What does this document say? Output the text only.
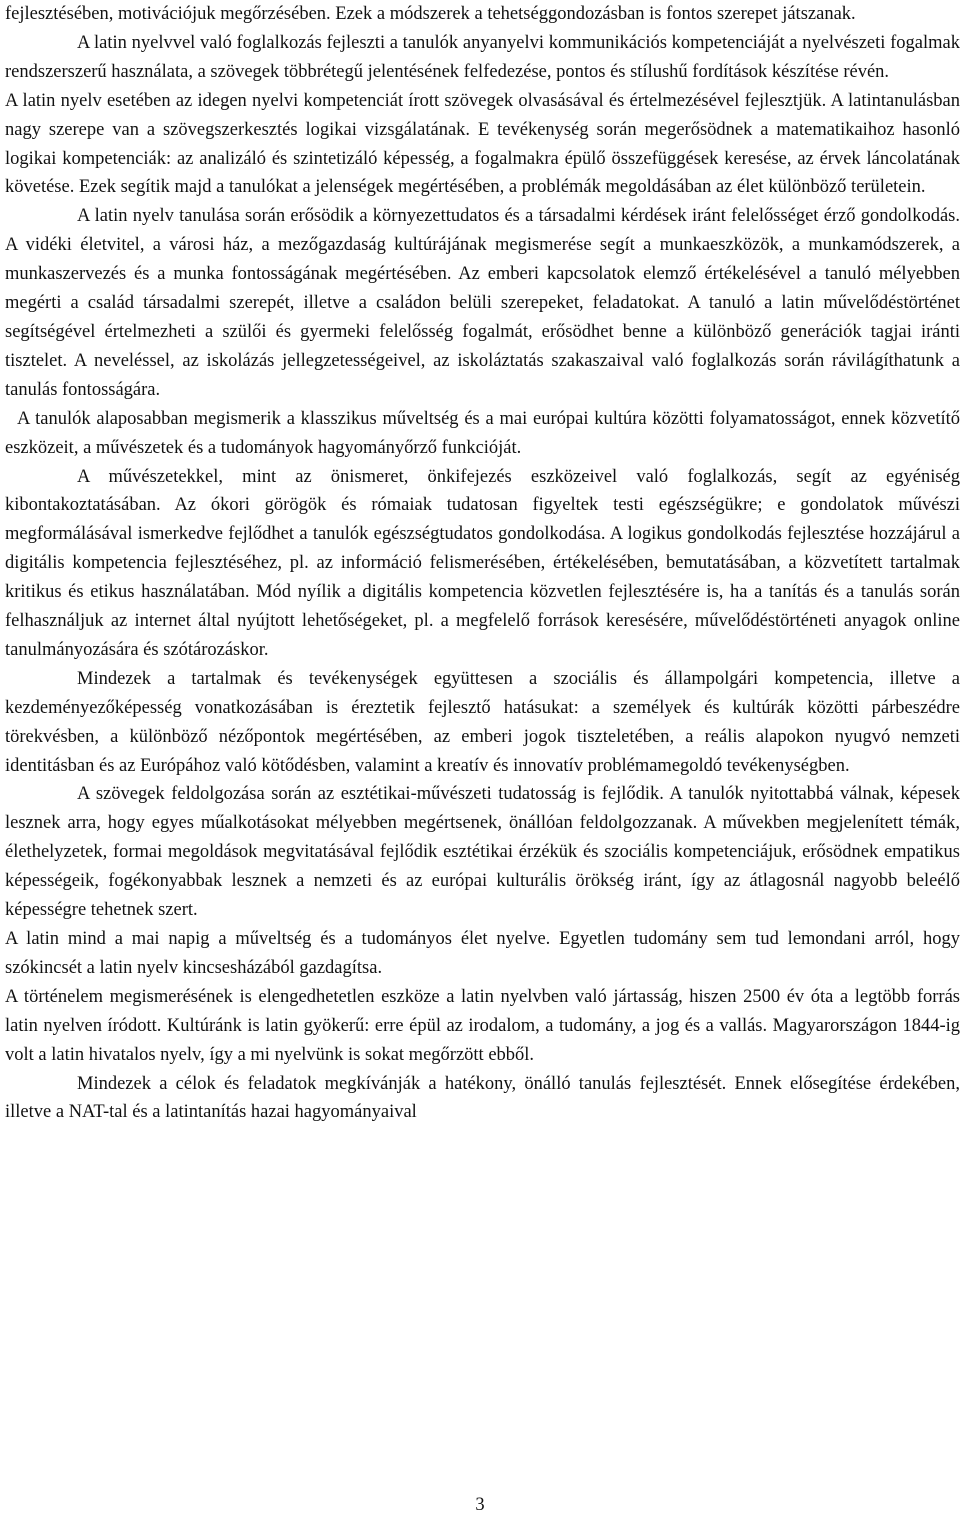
fejlesztésében, motivációjuk megőrzésében. Ezek a módszerek a tehetséggondozásban is fontos szerepet játszanak.

A latin nyelvvel való foglalkozás fejleszti a tanulók anyanyelvi kommunikációs kompetenciáját a nyelvészeti fogalmak rendszerszerű használata, a szövegek többrétegű jelentésének felfedezése, pontos és stílushű fordítások készítése révén.

A latin nyelv esetében az idegen nyelvi kompetenciát írott szövegek olvasásával és értelmezésével fejlesztjük. A latintanulásban nagy szerepe van a szövegszerkesztés logikai vizsgálatának. E tevékenység során megerősödnek a matematikaihoz hasonló logikai kompetenciák: az analizáló és szintetizáló képesség, a fogalmakra épülő összefüggések keresése, az érvek láncolatának követése. Ezek segítik majd a tanulókat a jelenségek megértésében, a problémák megoldásában az élet különböző területein.

A latin nyelv tanulása során erősödik a környezettudatos és a társadalmi kérdések iránt felelősséget érző gondolkodás. A vidéki életvitel, a városi ház, a mezőgazdaság kultúrájának megismerése segít a munkaeszközök, a munkamódszerek, a munkaszervezés és a munka fontosságának megértésében. Az emberi kapcsolatok elemző értékelésével a tanuló mélyebben megérti a család társadalmi szerepét, illetve a családon belüli szerepeket, feladatokat. A tanuló a latin művelődéstörténet segítségével értelmezheti a szülői és gyermeki felelősség fogalmát, erősödhet benne a különböző generációk tagjai iránti tisztelet. A neveléssel, az iskolázás jellegzetességeivel, az iskoláztatás szakaszaival való foglalkozás során rávilágíthatunk a tanulás fontosságára.

A tanulók alaposabban megismerik a klasszikus műveltség és a mai európai kultúra közötti folyamatosságot, ennek közvetítő eszközeit, a művészetek és a tudományok hagyományőrző funkcióját.

A művészetekkel, mint az önismeret, önkifejezés eszközeivel való foglalkozás, segít az egyéniség kibontakoztatásában. Az ókori görögök és rómaiak tudatosan figyeltek testi egészségükre; e gondolatok művészi megformálásával ismerkedve fejlődhet a tanulók egészségtudatos gondolkodása. A logikus gondolkodás fejlesztése hozzájárul a digitális kompetencia fejlesztéséhez, pl. az információ felismerésében, értékelésében, bemutatásában, a közvetített tartalmak kritikus és etikus használatában. Mód nyílik a digitális kompetencia közvetlen fejlesztésére is, ha a tanítás és a tanulás során felhasználjuk az internet által nyújtott lehetőségeket, pl. a megfelelő források keresésére, művelődéstörténeti anyagok online tanulmányozására és szótározáskor.

Mindezek a tartalmak és tevékenységek együttesen a szociális és állampolgári kompetencia, illetve a kezdeményezőképesség vonatkozásában is éreztetik fejlesztő hatásukat: a személyek és kultúrák közötti párbeszédre törekvésben, a különböző nézőpontok megértésében, az emberi jogok tiszteletében, a reális alapokon nyugvó nemzeti identitásban és az Európához való kötődésben, valamint a kreatív és innovatív problémamegoldó tevékenységben.

A szövegek feldolgozása során az esztétikai-művészeti tudatosság is fejlődik. A tanulók nyitottabbá válnak, képesek lesznek arra, hogy egyes műalkotásokat mélyebben megértsenek, önállóan feldolgozzanak. A művekben megjelenített témák, élethelyzetek, formai megoldások megvitatásával fejlődik esztétikai érzékük és szociális kompetenciájuk, erősödnek empatikus képességeik, fogékonyabbak lesznek a nemzeti és az európai kulturális örökség iránt, így az átlagosnál nagyobb beleélő képességre tehetnek szert.

A latin mind a mai napig a műveltség és a tudományos élet nyelve. Egyetlen tudomány sem tud lemondani arról, hogy szókincsét a latin nyelv kincsesházából gazdagítsa.

A történelem megismerésének is elengedhetetlen eszköze a latin nyelvben való jártasság, hiszen 2500 év óta a legtöbb forrás latin nyelven íródott. Kultúránk is latin gyökerű: erre épül az irodalom, a tudomány, a jog és a vallás. Magyarországon 1844-ig volt a latin hivatalos nyelv, így a mi nyelvünk is sokat megőrzött ebből.

Mindezek a célok és feladatok megkívánják a hatékony, önálló tanulás fejlesztését. Ennek elősegítése érdekében, illetve a NAT-tal és a latintanítás hazai hagyományaival

3
